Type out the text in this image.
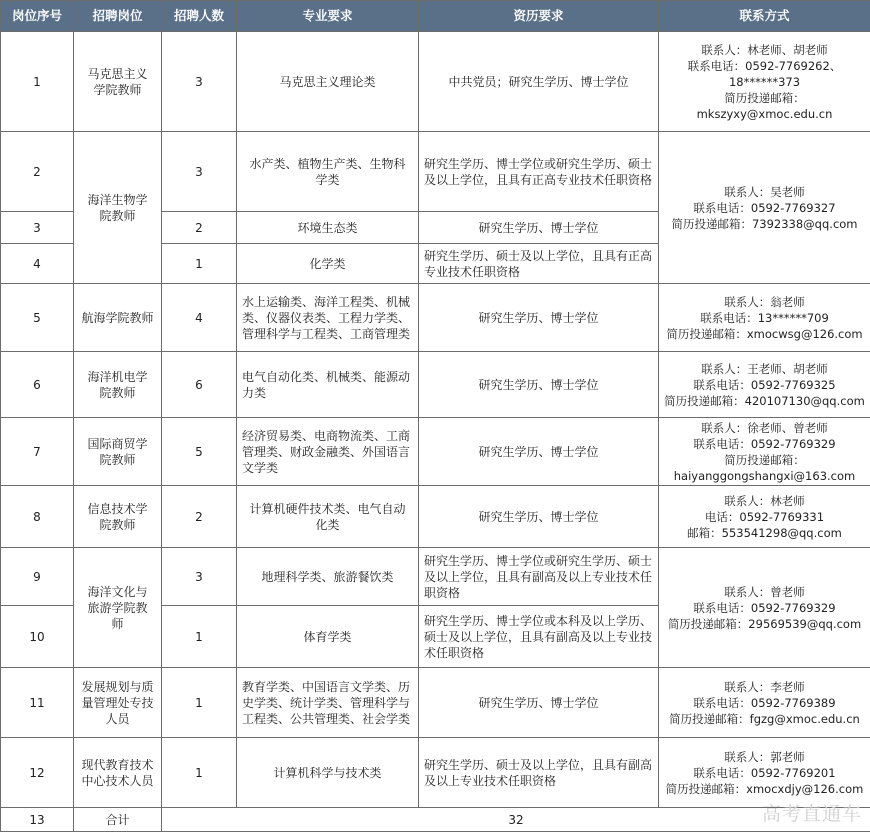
岗位序号	招聘岗位	招聘人数	专业要求	资历要求	联系方式
1	马克思主义学院教师	3	马克思主义理论类	中共党员；研究生学历、博士学位	联系人：林老师、胡老师
联系电话：0592-7769262、
18******373
简历投递邮箱：
mkszyxy@xmoc.edu.cn

2	海洋生物学院教师	3	水产类、植物生产类、生物科学类	研究生学历、博士学位或研究生学历、硕士及以上学位，且具有正高专业技术任职资格	联系人：吴老师
联系电话：0592-7769327
简历投递邮箱：7392338@qq.com

3		2	环境生态类	研究生学历、博士学位	
4		1	化学类	研究生学历、硕士及以上学位，且具有正高专业技术任职资格	
5	航海学院教师	4	水上运输类、海洋工程类、机械类、仪器仪表类、工程力学类、管理科学与工程类、工商管理类	研究生学历、博士学位	联系人：翁老师
联系电话：13******709
简历投递邮箱：xmocwsg@126.com

6	海洋机电学院教师	6	电气自动化类、机械类、能源动力类	研究生学历、博士学位	联系人：王老师、胡老师
联系电话：0592-7769325
简历投递邮箱：420107130@qq.com

7	国际商贸学院教师	5	经济贸易类、电商物流类、工商管理类、财政金融类、外国语言文学类	研究生学历、博士学位	联系人：徐老师、曾老师
联系电话：0592-7769329
简历投递邮箱：
haiyanggongshangxi@163.com

8	信息技术学院教师	2	计算机硬件技术类、电气自动化类	研究生学历、博士学位	联系人：林老师
电话：0592-7769331
邮箱：553541298@qq.com

9	海洋文化与旅游学院教师	3	地理科学类、旅游餐饮类	研究生学历、博士学位或研究生学历、硕士及以上学位，且具有副高及以上专业技术任职资格	联系人：曾老师
联系电话：0592-7769329
简历投递邮箱：29569539@qq.com

10		1	体育学类	研究生学历、博士学位或本科及以上学历、硕士及以上学位，且具有副高及以上专业技术任职资格	
11	发展规划与质量管理处专技人员	1	教育学类、中国语言文学类、历史学类、统计学类、管理科学与工程类、公共管理类、社会学类	研究生学历、博士学位	联系人：李老师
联系电话：0592-7769389
简历投递邮箱：fgzg@xmoc.edu.cn

12	现代教育技术中心技术人员	1	计算机科学与技术类	研究生学历、硕士及以上学位，且具有副高及以上专业技术任职资格	联系人：郭老师
联系电话：0592-7769201
简历投递邮箱：xmocxdjy@126.com

13	合计	32				高考直通车
